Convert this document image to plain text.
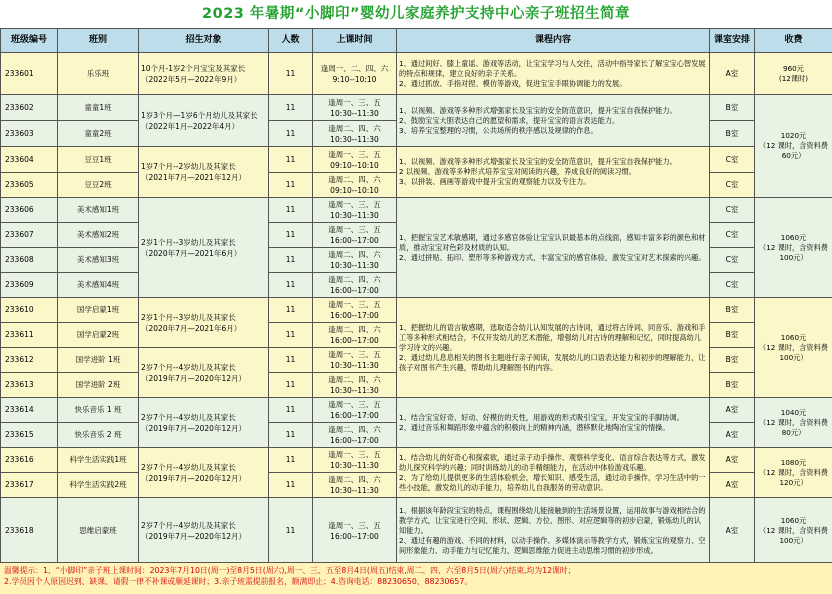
2023 年暑期“小脚印”婴幼儿家庭养护支持中心亲子班招生简章
班级编号	班别	招生对象	人数	上课时间	课程内容	课室安排	收费
233601	乐乐班	10个月-1岁2个月宝宝及其家长
（2022年5月—2022年9月）	11	逢周一、二、四、六
9:10--10:10	1、通过间好、膝上童谣、游戏等活动，让宝宝学习与人交往，活动中指导家长了解宝宝心智发展的特点和规律，建立良好的亲子关系。
2、通过抓放、手指对捏、模仿等游戏，促进宝宝手眼协调能力的发展。	A室	960元
(12课时)
233602	童童1班	1岁3个月—1岁6个月幼儿及其家长（2022年1月--2022年4月）	11	逢周一、三、五
10:30--11:30	1、以视频、游戏等多种形式增强家长及宝宝的安全防范意识，提升宝宝自我保护能力。
2、鼓励宝宝大胆表达自己的愿望和需求，提升宝宝的语言表达能力。
3、培养宝宝整理的习惯，公共场所的秩序感以及规律的作息。	B室	1020元
（12 课时，含资料费60元）
233603	童童2班		11	逢周二、四、六
10:30--11:30		B室	
233604	豆豆1班	1岁7个月--2岁幼儿及其家长
（2021年7月—2021年12月）	11	逢周一、三、五
09:10--10:10	1、以视频、游戏等多种形式增强家长及宝宝的安全防范意识，提升宝宝自我保护能力。
2 以视频、游戏等多种形式培养宝宝对阅读的兴趣，养成良好的阅读习惯。
3、以拼装、画画等游戏中提升宝宝的观察能力以及专注力。	C室	
233605	豆豆2班		11	逢周二、四、六
09:10--10:10		C室	
233606	美术感知1班	2岁1个月--3岁幼儿及其家长
（2020年7月—2021年6月）	11	逢周一、三、五
10:30--11:30	1、把握宝宝艺术敏感期，通过多感官体验让宝宝认识最基本的点线面，感知丰富多彩的颜色和材质，推动宝宝对色彩及材质的认知。
2、通过拼贴、拓印、塑形等多种游戏方式，丰富宝宝的感官体验，激发宝宝对艺术探索的兴趣。	C室	1060元
（12 课时，含资料费100元）
233607	美术感知2班		11	逢周一、三、五
16:00--17:00		C室	
233608	美术感知3班		11	逢周二、四、六
10:30--11:30		C室	
233609	美术感知4班		11	逢周二、四、六
16:00--17:00		C室	
233610	国学启蒙1班	2岁1个月--3岁幼儿及其家长
（2020年7月—2021年6月）	11	逢周一、三、五
16:00--17:00	1、把握幼儿的语言敏感期，选取适合幼儿认知发展的古诗词，通过将古诗词、同音乐、游戏和手工等多种形式相结合，不仅开发幼儿的艺术潜能，增强幼儿对古诗的理解和记忆，同时提高幼儿学习诗文的兴趣。
2、通过幼儿息息相关的图书主题进行亲子阅读，发展幼儿的口语表达能力和初步的理解能力，让孩子对图书产生兴趣，帮助幼儿理解图书的内容。	B室	1060元
（12 课时，含资料费100元）
233611	国学启蒙2班		11	逢周二、四、六
16:00--17:00		B室	
233612	国学进阶 1班	2岁7个月--4岁幼儿及其家长
（2019年7月—2020年12月）	11	逢周一、三、五
10:30--11:30		B室	
233613	国学进阶 2班		11	逢周二、四、六
10:30--11:30		B室	
233614	快乐音乐 1 班	2岁7个月--4岁幼儿及其家长
（2019年7月—2020年12月）	11	逢周一、三、五
16:00--17:00	1、结合宝宝好奇、好动、好模仿的天性，用游戏的形式吸引宝宝，开发宝宝的手脚协调。
2、通过音乐和舞蹈形象中蕴含的积极向上的精神内涵，潜移默化地陶冶宝宝的情操。	A室	1040元
（12 课时，含资料费80元）
233615	快乐音乐 2 班		11	逢周二、四、六
16:00--17:00		A室	
233616	科学生活实践1班	2岁7个月--4岁幼儿及其家长
（2019年7月—2020年12月）	11	逢周一、三、五
10:30--11:30	1、结合幼儿的好奇心和探索欲，通过亲子动手操作、观察科学变化、语言综合表达等方式，激发幼儿探究科学的兴趣；同时训练幼儿的动手精细能力，在活动中体验游戏乐趣。
2、为了给幼儿提供更多的生活体验机会，增长知识、感受生活，通过动手操作，学习生活中的一些小技能，激发幼儿的动手能力，培养幼儿自我服务的劳动意识。	A室	1080元
（12 课时，含资料费120元）
233617	科学生活实践2班		11	逢周二、四、六
10:30--11:30		A室	
233618	思维启蒙班	2岁7个月--4岁幼儿及其家长
（2019年7月—2020年12月）	11	逢周一、三、五
16:00--17:00	1、根据该年龄段宝宝的特点，课程围绕幼儿能接触到的生活场景设置，运用故事与游戏相结合的教学方式，让宝宝进行空间、形状、逻辑、方位、图形、对应逻辑等的初步启蒙，锻炼幼儿的认知能力。
2、通过有趣的游戏、不同的材料，以动手操作、多媒体演示等教学方式，锻炼宝宝的观察力、空间形象能力、动手能力与记忆能力，逻辑思维能力促进主动思维习惯的初步形成。	A室	1060元
（12 课时，含资料费100元）
温馨提示：1、“小脚印”亲子班上课时间：2023年7月10日(周一)至8月5日(周六),周一、三、五至8月4日(周五)结束,周二、四、六至8月5日(周六)结束,均为12课时；
2.学员因个人原因迟到、缺课、请假一律不补课或顺延课时；3.亲子班需提前报名，额满即止；4.咨询电话：88230650、88230657。
